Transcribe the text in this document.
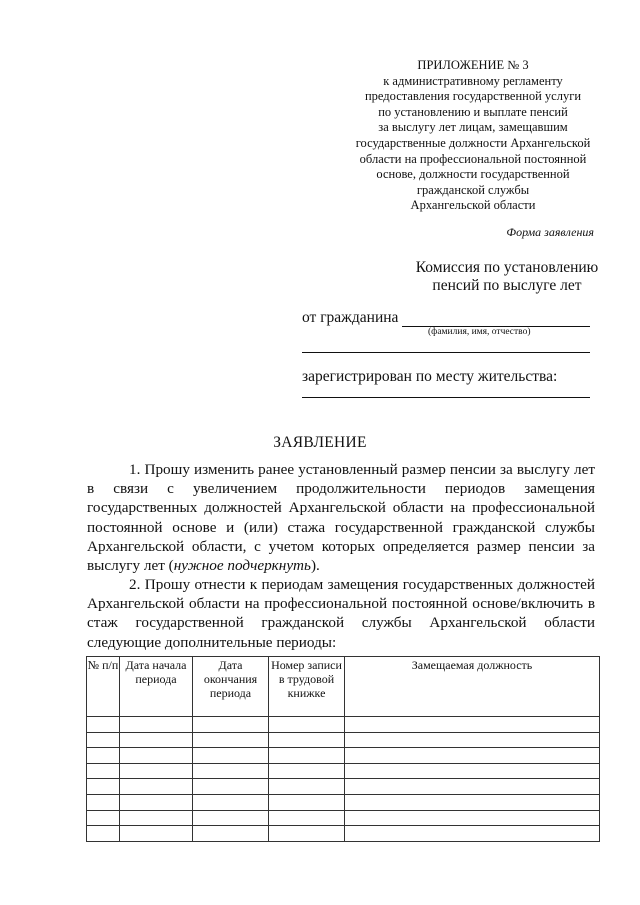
ПРИЛОЖЕНИЕ № 3
к административному регламенту
предоставления государственной услуги
по установлению и выплате пенсий
за выслугу лет лицам, замещавшим
государственные должности Архангельской
области на профессиональной постоянной
основе, должности государственной
гражданской службы
Архангельской области
Форма заявления
Комиссия по установлению
пенсий по выслуге лет
от гражданина
(фамилия, имя, отчество)
зарегистрирован по месту жительства:
ЗАЯВЛЕНИЕ

1. Прошу изменить ранее установленный размер пенсии за выслугу лет в связи с увеличением продолжительности периодов замещения государственных должностей Архангельской области на профессиональной постоянной основе и (или) стажа государственной гражданской службы Архангельской области, с учетом которых определяется размер пенсии за выслугу лет (нужное подчеркнуть).

2. Прошу отнести к периодам замещения государственных должностей Архангельской области на профессиональной постоянной основе/включить в стаж государственной гражданской службы Архангельской области следующие дополнительные периоды:

№ п/п	Дата начала периода	Дата окончания периода	Номер записи в трудовой книжке	Замещаемая должность
